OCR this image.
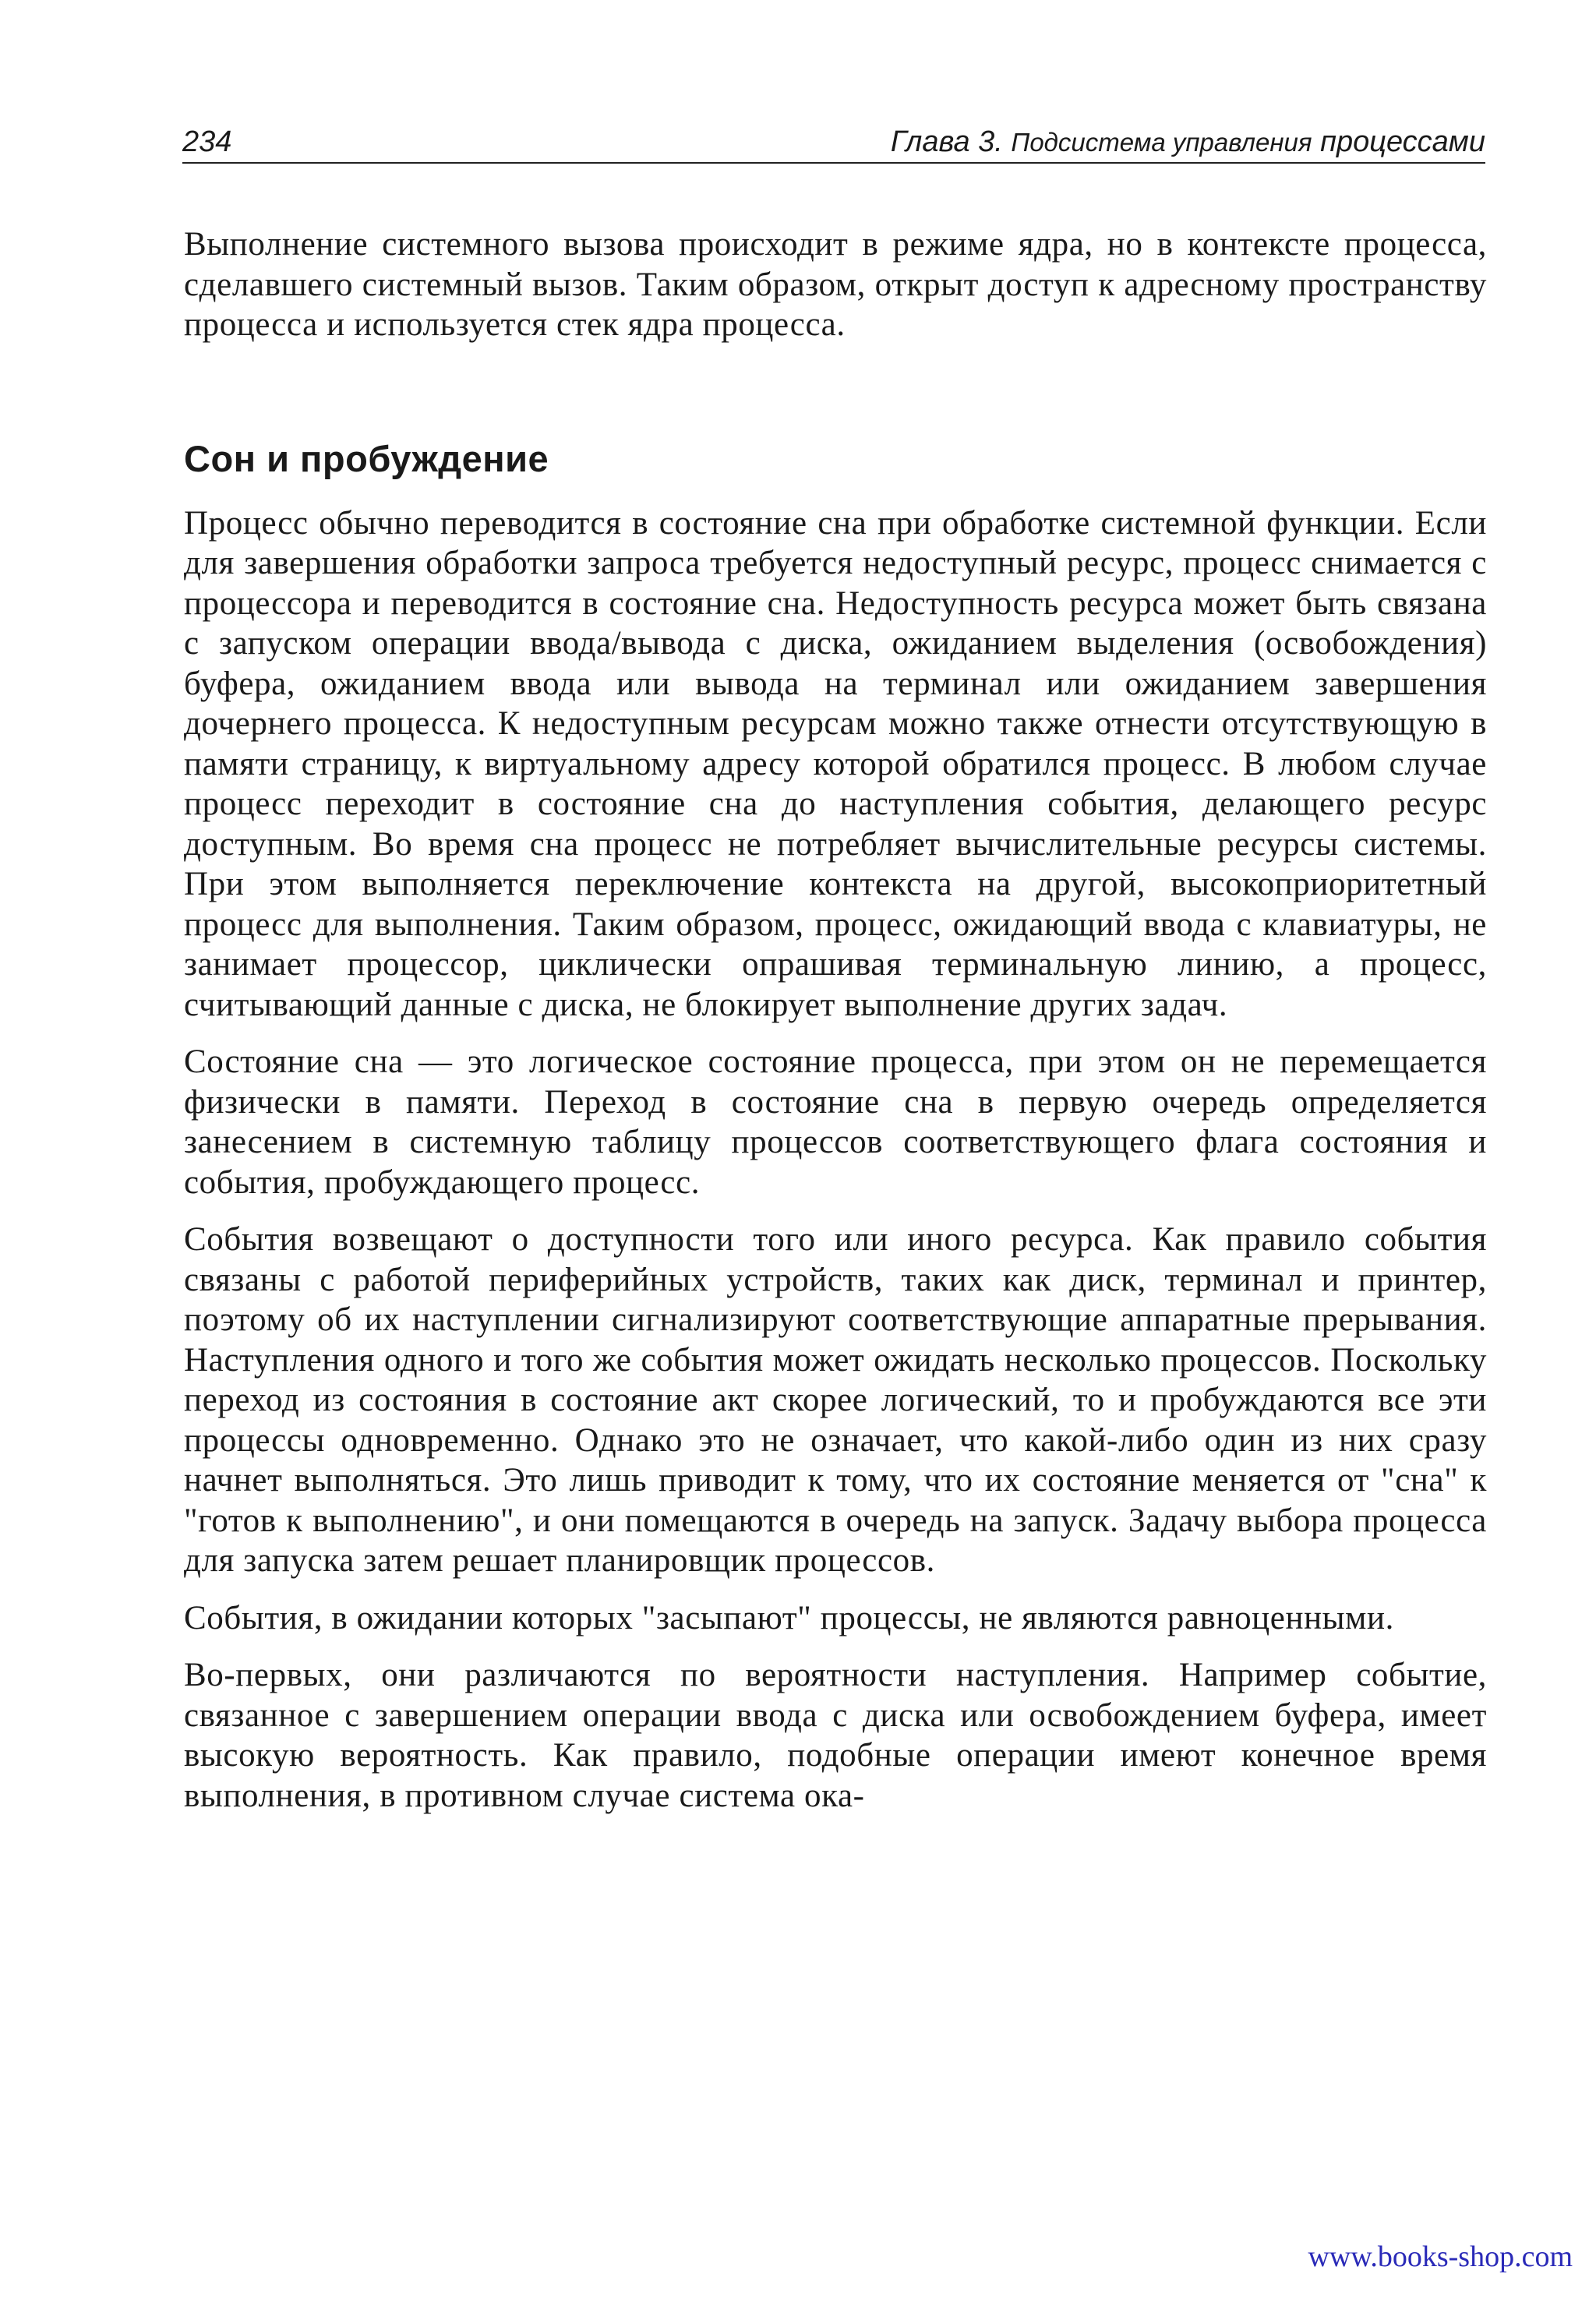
234	Глава 3. Подсистема управления процессами

Выполнение системного вызова происходит в режиме ядра, но в контексте процесса, сделавшего системный вызов. Таким образом, открыт доступ к адресному пространству процесса и используется стек ядра процесса.

Сон и пробуждение

Процесс обычно переводится в состояние сна при обработке системной функции. Если для завершения обработки запроса требуется недоступный ресурс, процесс снимается с процессора и переводится в состояние сна. Недоступность ресурса может быть связана с запуском операции ввода/вывода с диска, ожиданием выделения (освобождения) буфера, ожиданием ввода или вывода на терминал или ожиданием завершения дочернего процесса. К недоступным ресурсам можно также отнести отсутствующую в памяти страницу, к виртуальному адресу которой обратился процесс. В любом случае процесс переходит в состояние сна до наступления события, делающего ресурс доступным. Во время сна процесс не потребляет вычислительные ресурсы системы. При этом выполняется переключение контекста на другой, высокоприоритетный процесс для выполнения. Таким образом, процесс, ожидающий ввода с клавиатуры, не занимает процессор, циклически опрашивая терминальную линию, а процесс, считывающий данные с диска, не блокирует выполнение других задач.

Состояние сна — это логическое состояние процесса, при этом он не перемещается физически в памяти. Переход в состояние сна в первую очередь определяется занесением в системную таблицу процессов соответствующего флага состояния и события, пробуждающего процесс.

События возвещают о доступности того или иного ресурса. Как правило события связаны с работой периферийных устройств, таких как диск, терминал и принтер, поэтому об их наступлении сигнализируют соответствующие аппаратные прерывания. Наступления одного и того же события может ожидать несколько процессов. Поскольку переход из состояния в состояние акт скорее логический, то и пробуждаются все эти процессы одновременно. Однако это не означает, что какой-либо один из них сразу начнет выполняться. Это лишь приводит к тому, что их состояние меняется от "сна" к "готов к выполнению", и они помещаются в очередь на запуск. Задачу выбора процесса для запуска затем решает планировщик процессов.

События, в ожидании которых "засыпают" процессы, не являются равноценными.

Во-первых, они различаются по вероятности наступления. Например событие, связанное с завершением операции ввода с диска или освобождением буфера, имеет высокую вероятность. Как правило, подобные операции имеют конечное время выполнения, в противном случае система ока-

www.books-shop.com
